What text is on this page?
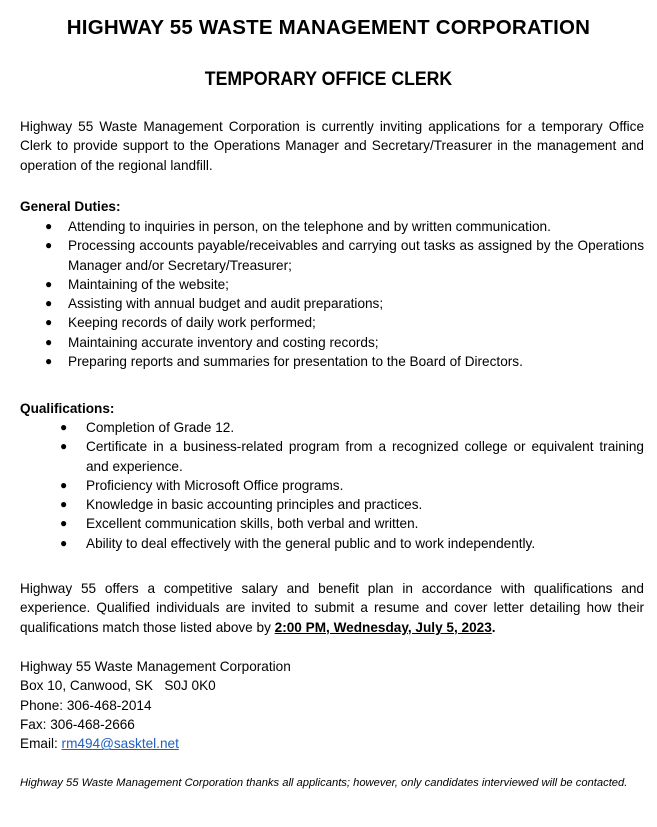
HIGHWAY 55 WASTE MANAGEMENT CORPORATION
TEMPORARY OFFICE CLERK

Highway 55 Waste Management Corporation is currently inviting applications for a temporary Office Clerk to provide support to the Operations Manager and Secretary/Treasurer in the management and operation of the regional landfill.

General Duties:
● Attending to inquiries in person, on the telephone and by written communication.
● Processing accounts payable/receivables and carrying out tasks as assigned by the Operations Manager and/or Secretary/Treasurer;
● Maintaining of the website;
● Assisting with annual budget and audit preparations;
● Keeping records of daily work performed;
● Maintaining accurate inventory and costing records;
● Preparing reports and summaries for presentation to the Board of Directors.
Qualifications:
● Completion of Grade 12.
● Certificate in a business-related program from a recognized college or equivalent training and experience.
● Proficiency with Microsoft Office programs.
● Knowledge in basic accounting principles and practices.
● Excellent communication skills, both verbal and written.
● Ability to deal effectively with the general public and to work independently.

Highway 55 offers a competitive salary and benefit plan in accordance with qualifications and experience. Qualified individuals are invited to submit a resume and cover letter detailing how their qualifications match those listed above by 2:00 PM, Wednesday, July 5, 2023.

Highway 55 Waste Management Corporation
Box 10, Canwood, SK   S0J 0K0
Phone: 306-468-2014
Fax: 306-468-2666
Email: rm494@sasktel.net

Highway 55 Waste Management Corporation thanks all applicants; however, only candidates interviewed will be contacted.
